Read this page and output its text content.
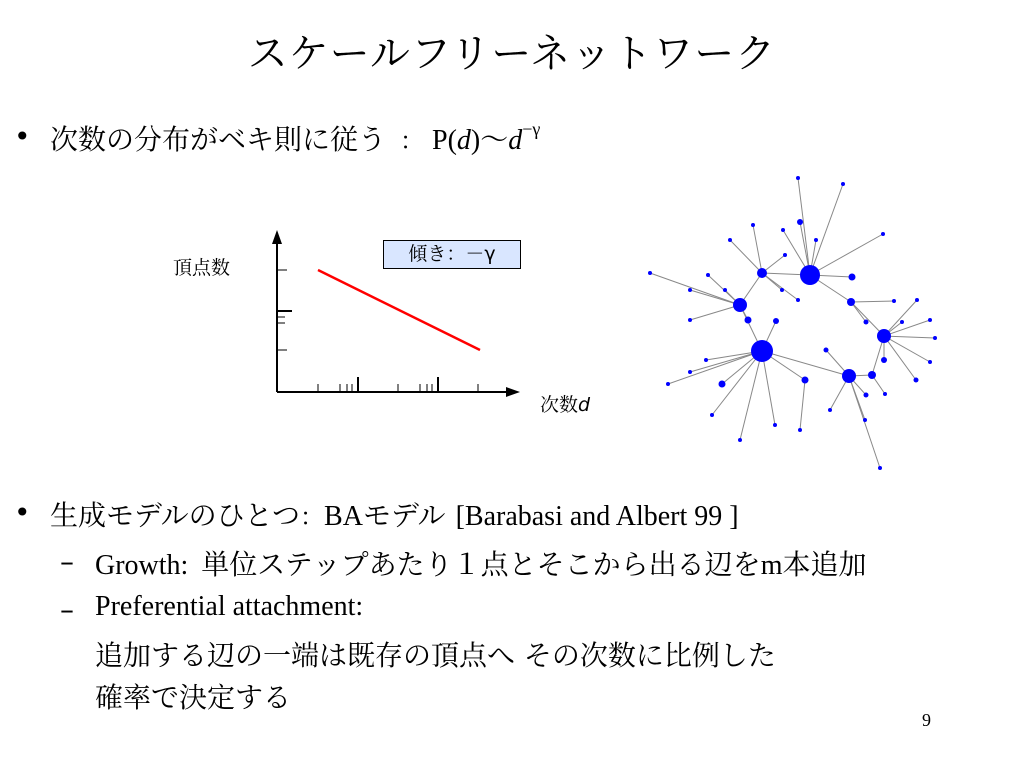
スケールフリーネットワーク
• 次数の分布がベキ則に従う ： P(d)〜$d^{-\gamma}$
傾き：－γ
頂点数
次数d
• 生成モデルのひとつ：BAモデル [Barabasi and Albert 99 ]
– Growth: 単位ステップあたり１点とそこから出る辺をm本追加
– Preferential attachment:
追加する辺の一端は既存の頂点へ その次数に比例した
確率で決定する
9
